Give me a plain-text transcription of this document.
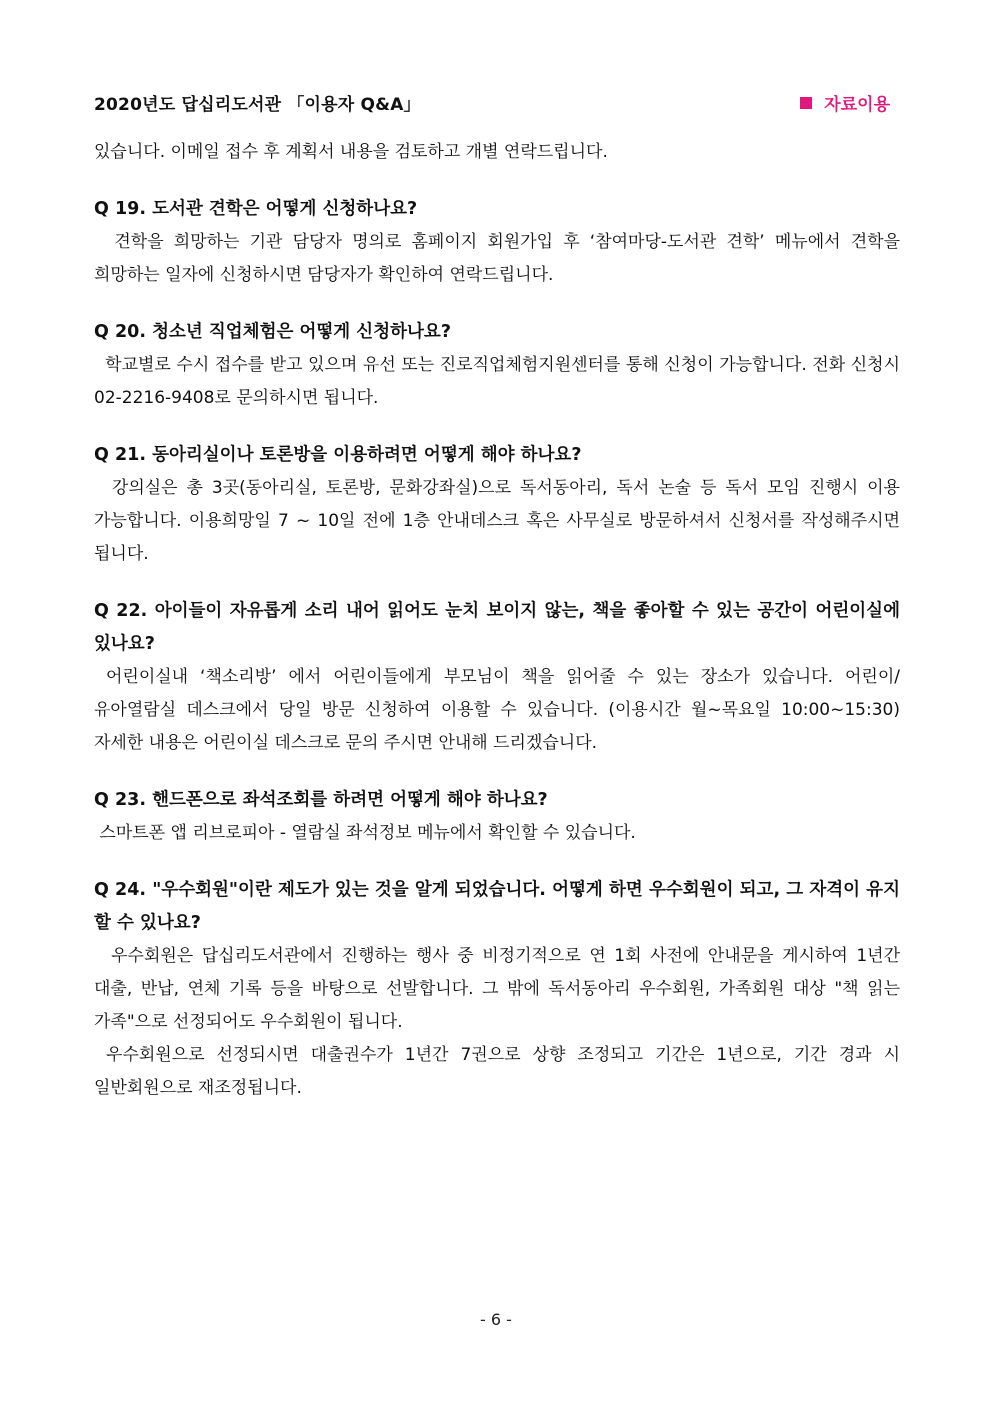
2020년도 답십리도서관 「이용자 Q&A」	자료이용

있습니다. 이메일 접수 후 계획서 내용을 검토하고 개별 연락드립니다.

Q 19. 도서관 견학은 어떻게 신청하나요?

견학을 희망하는 기관 담당자 명의로 홈페이지 회원가입 후 ‘참여마당-도서관 견학’ 메뉴에서 견학을 희망하는 일자에 신청하시면 담당자가 확인하여 연락드립니다.

Q 20. 청소년 직업체험은 어떻게 신청하나요?

학교별로 수시 접수를 받고 있으며 유선 또는 진로직업체험지원센터를 통해 신청이 가능합니다. 전화 신청시 02-2216-9408로 문의하시면 됩니다.

Q 21. 동아리실이나 토론방을 이용하려면 어떻게 해야 하나요?

강의실은 총 3곳(동아리실, 토론방, 문화강좌실)으로 독서동아리, 독서 논술 등 독서 모임 진행시 이용 가능합니다. 이용희망일 7 ~ 10일 전에 1층 안내데스크 혹은 사무실로 방문하셔서 신청서를 작성해주시면 됩니다.

Q 22. 아이들이 자유롭게 소리 내어 읽어도 눈치 보이지 않는, 책을 좋아할 수 있는 공간이 어린이실에 있나요?

어린이실내 ‘책소리방’ 에서 어린이들에게 부모님이 책을 읽어줄 수 있는 장소가 있습니다. 어린이/유아열람실 데스크에서 당일 방문 신청하여 이용할 수 있습니다. (이용시간 월~목요일 10:00~15:30) 자세한 내용은 어린이실 데스크로 문의 주시면 안내해 드리겠습니다.

Q 23. 핸드폰으로 좌석조회를 하려면 어떻게 해야 하나요?

스마트폰 앱 리브로피아 - 열람실 좌석정보 메뉴에서 확인할 수 있습니다.

Q 24. "우수회원"이란 제도가 있는 것을 알게 되었습니다. 어떻게 하면 우수회원이 되고, 그 자격이 유지할 수 있나요?

우수회원은 답십리도서관에서 진행하는 행사 중 비정기적으로 연 1회 사전에 안내문을 게시하여 1년간 대출, 반납, 연체 기록 등을 바탕으로 선발합니다. 그 밖에 독서동아리 우수회원, 가족회원 대상 "책 읽는 가족"으로 선정되어도 우수회원이 됩니다.

우수회원으로 선정되시면 대출권수가 1년간 7권으로 상향 조정되고 기간은 1년으로, 기간 경과 시 일반회원으로 재조정됩니다.

- 6 -
